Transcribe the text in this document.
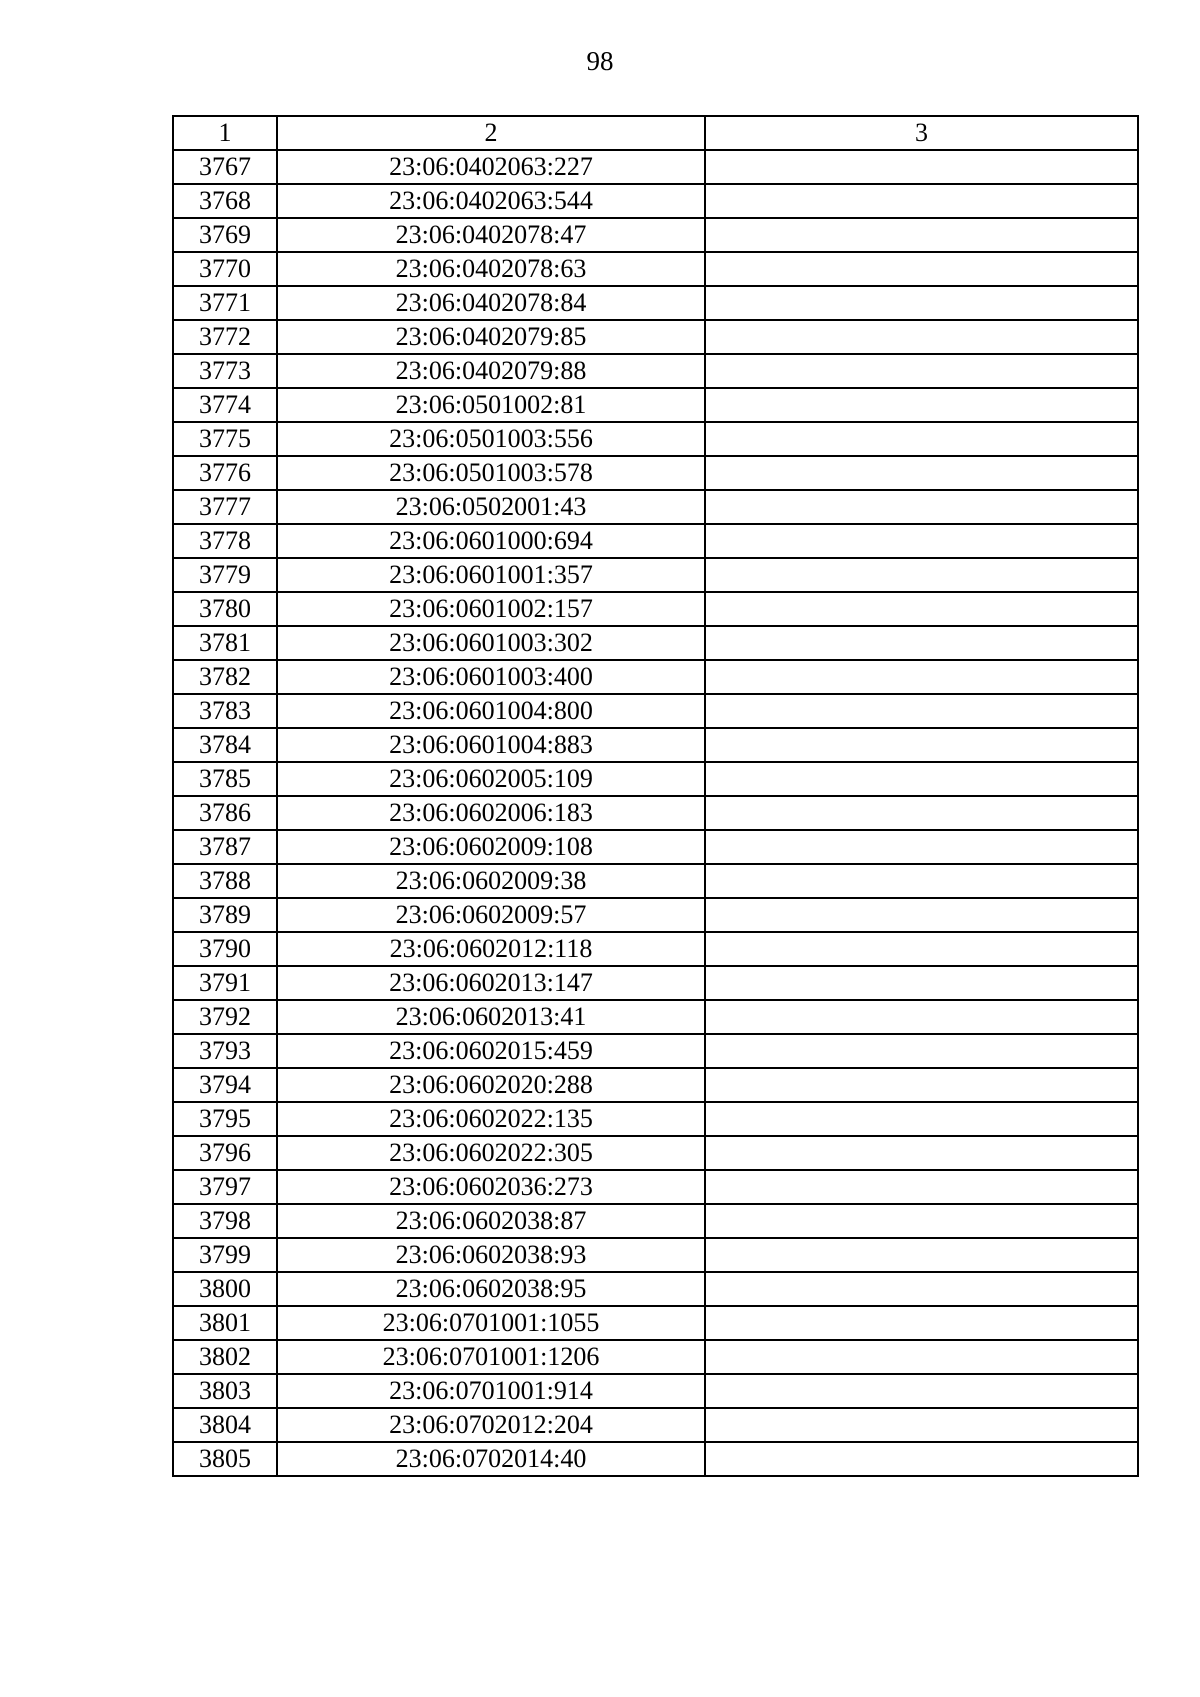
98
1	2	3
3767	23:06:0402063:227	
3768	23:06:0402063:544	
3769	23:06:0402078:47	
3770	23:06:0402078:63	
3771	23:06:0402078:84	
3772	23:06:0402079:85	
3773	23:06:0402079:88	
3774	23:06:0501002:81	
3775	23:06:0501003:556	
3776	23:06:0501003:578	
3777	23:06:0502001:43	
3778	23:06:0601000:694	
3779	23:06:0601001:357	
3780	23:06:0601002:157	
3781	23:06:0601003:302	
3782	23:06:0601003:400	
3783	23:06:0601004:800	
3784	23:06:0601004:883	
3785	23:06:0602005:109	
3786	23:06:0602006:183	
3787	23:06:0602009:108	
3788	23:06:0602009:38	
3789	23:06:0602009:57	
3790	23:06:0602012:118	
3791	23:06:0602013:147	
3792	23:06:0602013:41	
3793	23:06:0602015:459	
3794	23:06:0602020:288	
3795	23:06:0602022:135	
3796	23:06:0602022:305	
3797	23:06:0602036:273	
3798	23:06:0602038:87	
3799	23:06:0602038:93	
3800	23:06:0602038:95	
3801	23:06:0701001:1055	
3802	23:06:0701001:1206	
3803	23:06:0701001:914	
3804	23:06:0702012:204	
3805	23:06:0702014:40	
